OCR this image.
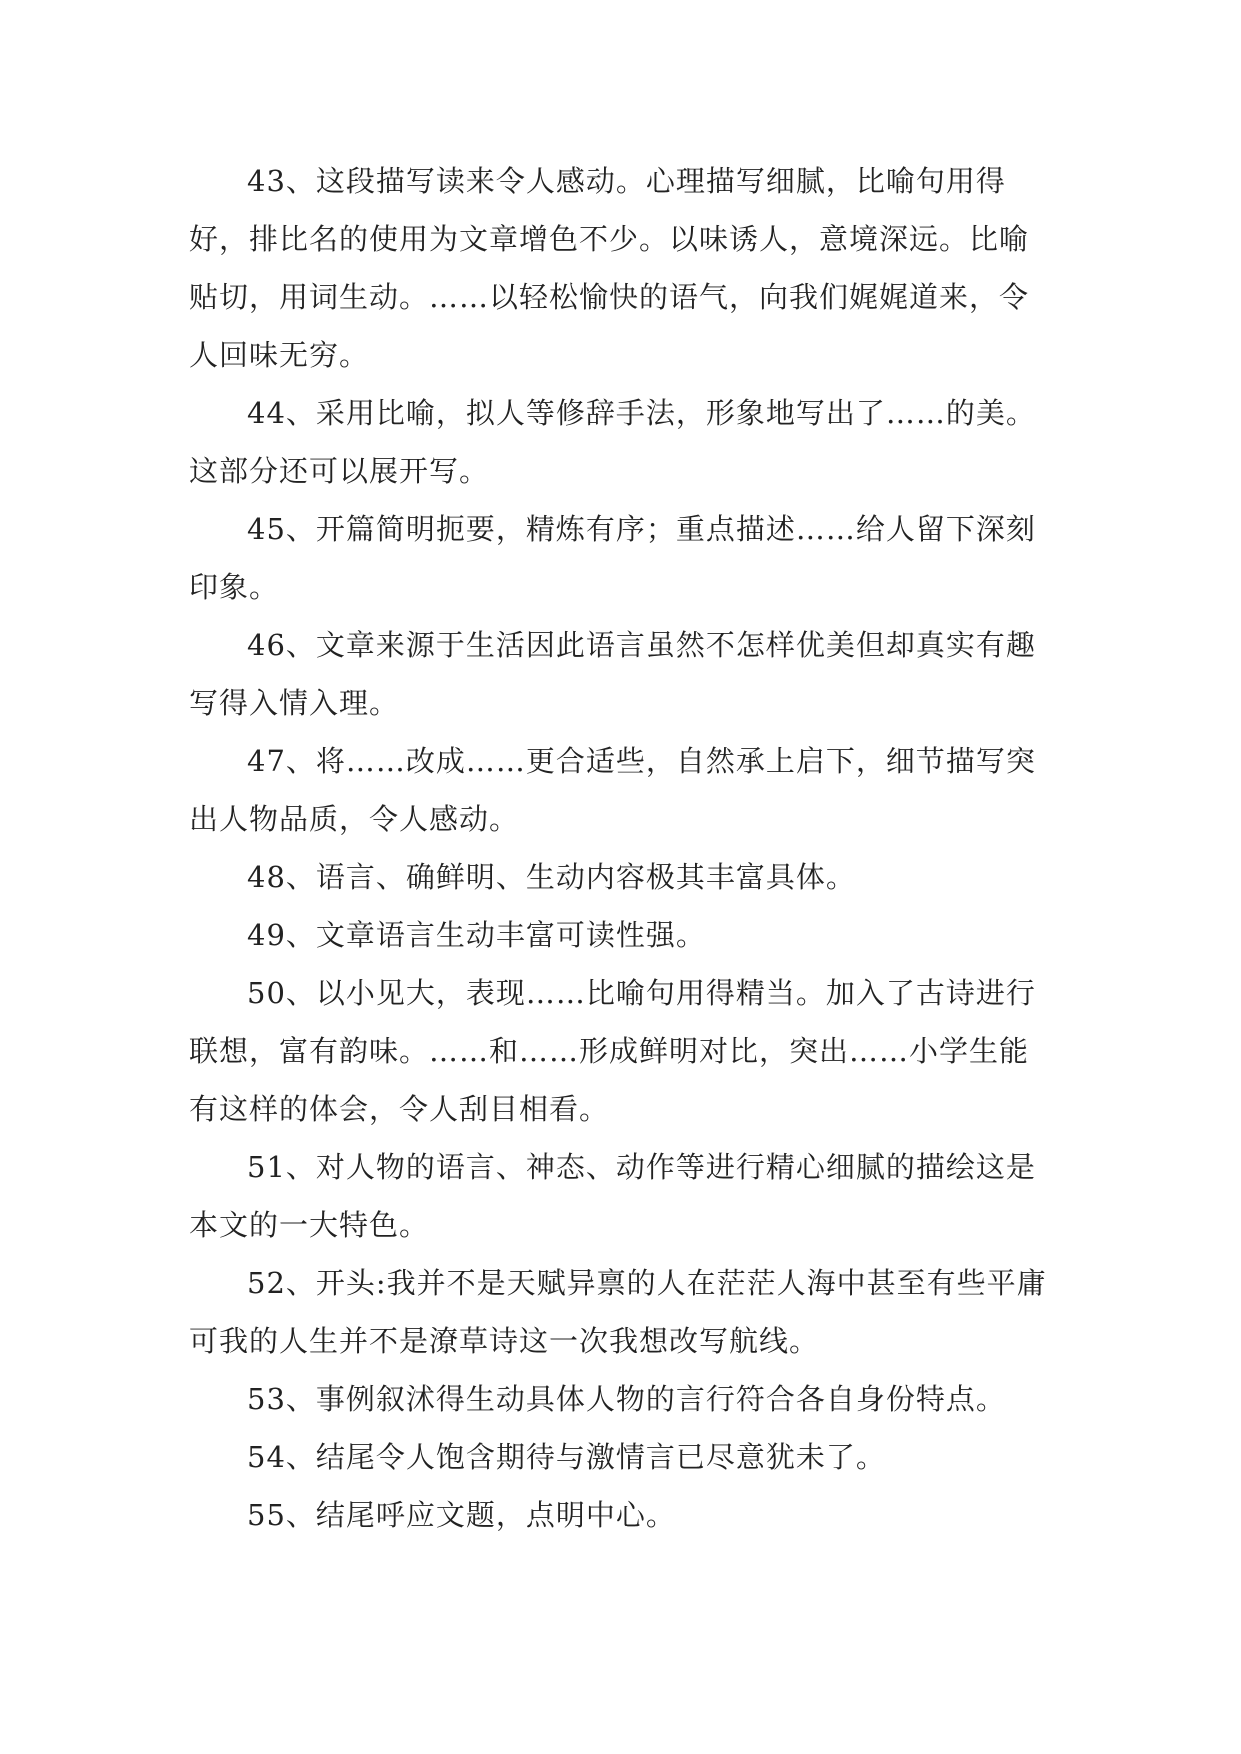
43、这段描写读来令人感动。心理描写细腻，比喻句用得好，排比名的使用为文章增色不少。以味诱人，意境深远。比喻贴切，用词生动。……以轻松愉快的语气，向我们娓娓道来，令人回味无穷。

44、采用比喻，拟人等修辞手法，形象地写出了……的美。这部分还可以展开写。

45、开篇简明扼要，精炼有序；重点描述……给人留下深刻印象。

46、文章来源于生活因此语言虽然不怎样优美但却真实有趣写得入情入理。

47、将……改成……更合适些，自然承上启下，细节描写突出人物品质，令人感动。

48、语言、确鲜明、生动内容极其丰富具体。

49、文章语言生动丰富可读性强。

50、以小见大，表现……比喻句用得精当。加入了古诗进行联想，富有韵味。……和……形成鲜明对比，突出……小学生能有这样的体会，令人刮目相看。

51、对人物的语言、神态、动作等进行精心细腻的描绘这是本文的一大特色。

52、开头:我并不是天赋异禀的人在茫茫人海中甚至有些平庸可我的人生并不是潦草诗这一次我想改写航线。

53、事例叙沭得生动具体人物的言行符合各自身份特点。

54、结尾令人饱含期待与激情言已尽意犹未了。

55、结尾呼应文题，点明中心。
